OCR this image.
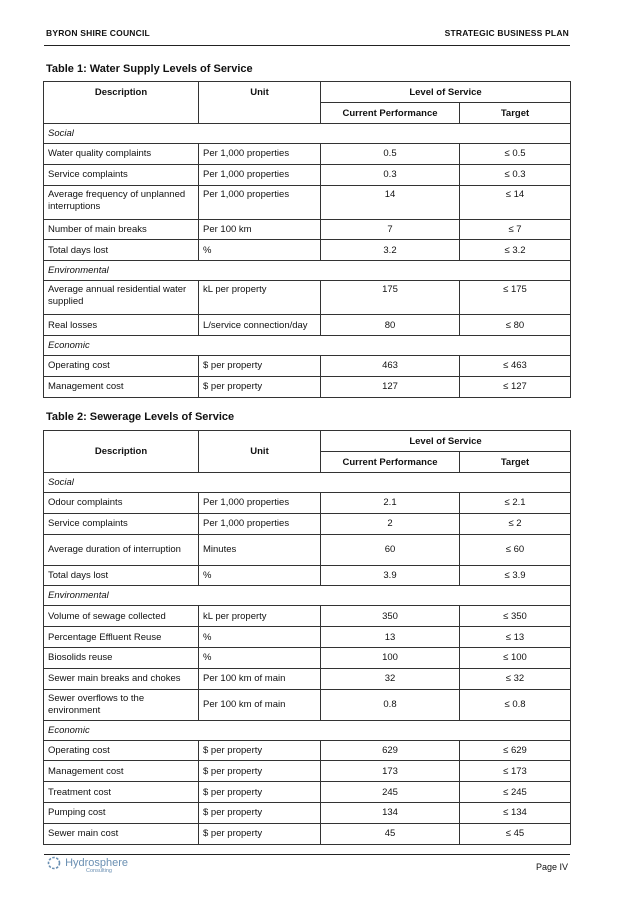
BYRON SHIRE COUNCIL	STRATEGIC BUSINESS PLAN
Table 1: Water Supply Levels of Service
Description	Unit	Level of Service	
		Current Performance	Target
Social			
Water quality complaints	Per 1,000 properties	0.5	≤ 0.5
Service complaints	Per 1,000 properties	0.3	≤ 0.3
Average frequency of unplanned interruptions	Per 1,000 properties	14	≤ 14
Number of main breaks	Per 100 km	7	≤ 7
Total days lost	%	3.2	≤ 3.2
Environmental			
Average annual residential water supplied	kL per property	175	≤ 175
Real losses	L/service connection/day	80	≤ 80
Economic			
Operating cost	$ per property	463	≤ 463
Management cost	$ per property	127	≤ 127
Table 2: Sewerage Levels of Service
Description	Unit	Level of Service	
		Current Performance	Target
Social			
Odour complaints	Per 1,000 properties	2.1	≤ 2.1
Service complaints	Per 1,000 properties	2	≤ 2
Average duration of interruption	Minutes	60	≤ 60
Total days lost	%	3.9	≤ 3.9
Environmental			
Volume of sewage collected	kL per property	350	≤ 350
Percentage Effluent Reuse	%	13	≤ 13
Biosolids reuse	%	100	≤ 100
Sewer main breaks and chokes	Per 100 km of main	32	≤ 32
Sewer overflows to the environment	Per 100 km of main	0.8	≤ 0.8
Economic			
Operating cost	$ per property	629	≤ 629
Management cost	$ per property	173	≤ 173
Treatment cost	$ per property	245	≤ 245
Pumping cost	$ per property	134	≤ 134
Sewer main cost	$ per property	45	≤ 45
Hydrosphere
Consulting	Page IV
